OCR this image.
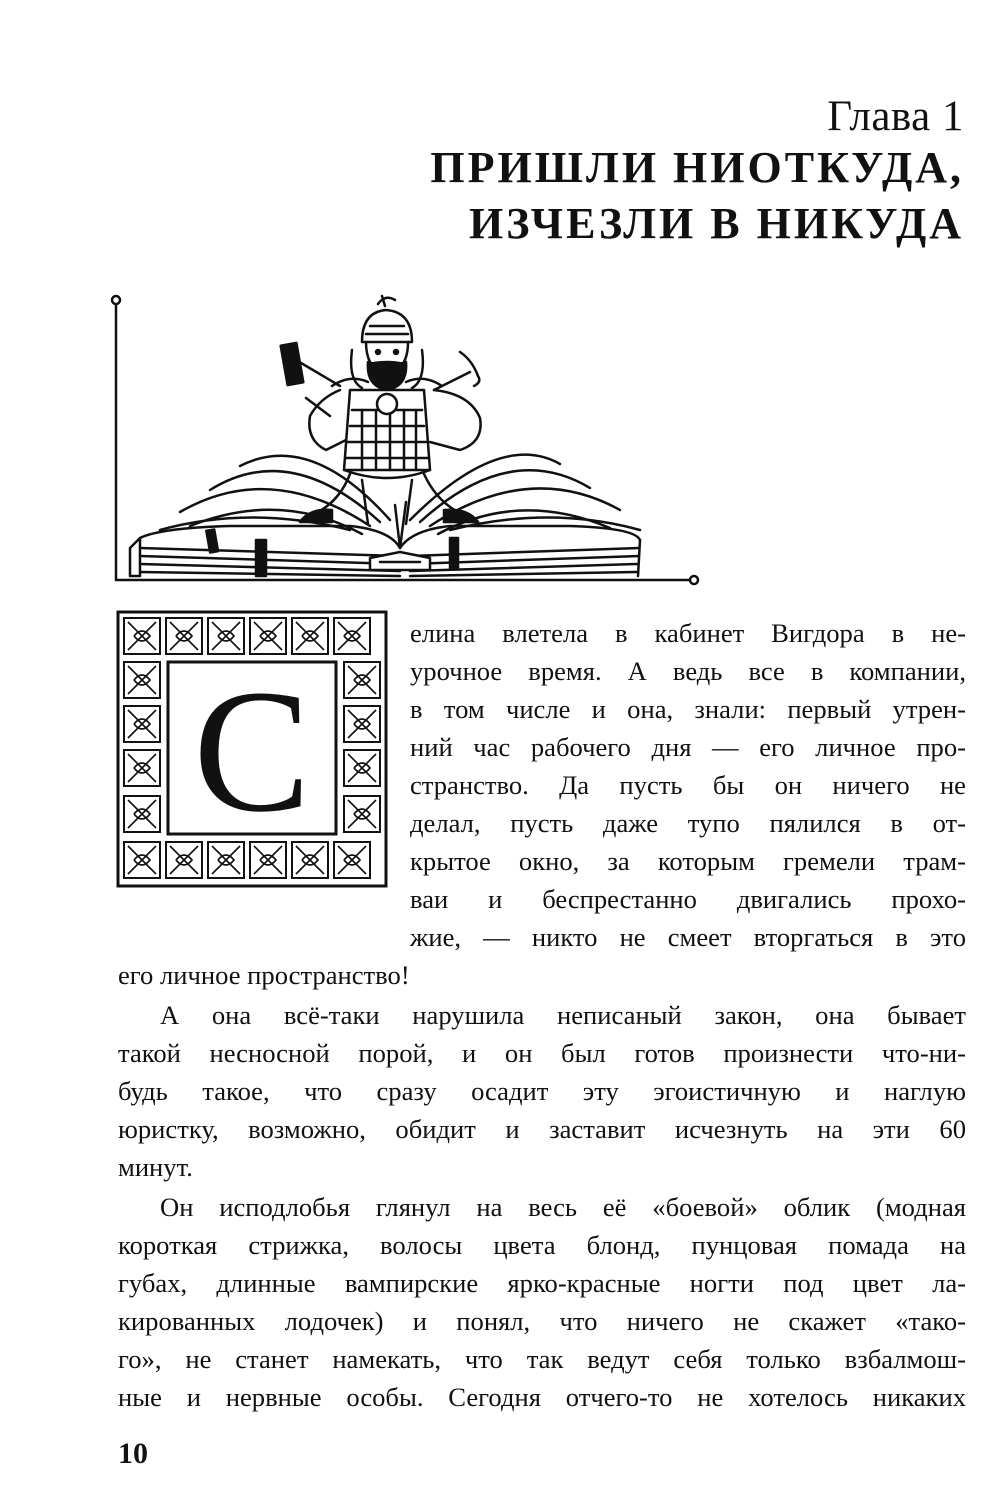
Глава 1

ПРИШЛИ НИОТКУДА,
ИЗЧЕЗЛИ В НИКУДА
С
елина влетела в кабинет Вигдора в не-
урочное время. А ведь все в компании,
в том числе и она, знали: первый утрен-
ний час рабочего дня — его личное про-
странство. Да пусть бы он ничего не
делал, пусть даже тупо пялился в от-
крытое окно, за которым гремели трам-
ваи и беспрестанно двигались прохо-
жие, — никто не смеет вторгаться в это
его личное пространство!
А она всё-таки нарушила неписаный закон, она бывает
такой несносной порой, и он был готов произнести что-ни-
будь такое, что сразу осадит эту эгоистичную и наглую
юристку, возможно, обидит и заставит исчезнуть на эти 60
минут.
Он исподлобья глянул на весь её «боевой» облик (модная
короткая стрижка, волосы цвета блонд, пунцовая помада на
губах, длинные вампирские ярко-красные ногти под цвет ла-
кированных лодочек) и понял, что ничего не скажет «тако-
го», не станет намекать, что так ведут себя только взбалмош-
ные и нервные особы. Сегодня отчего-то не хотелось никаких

10
